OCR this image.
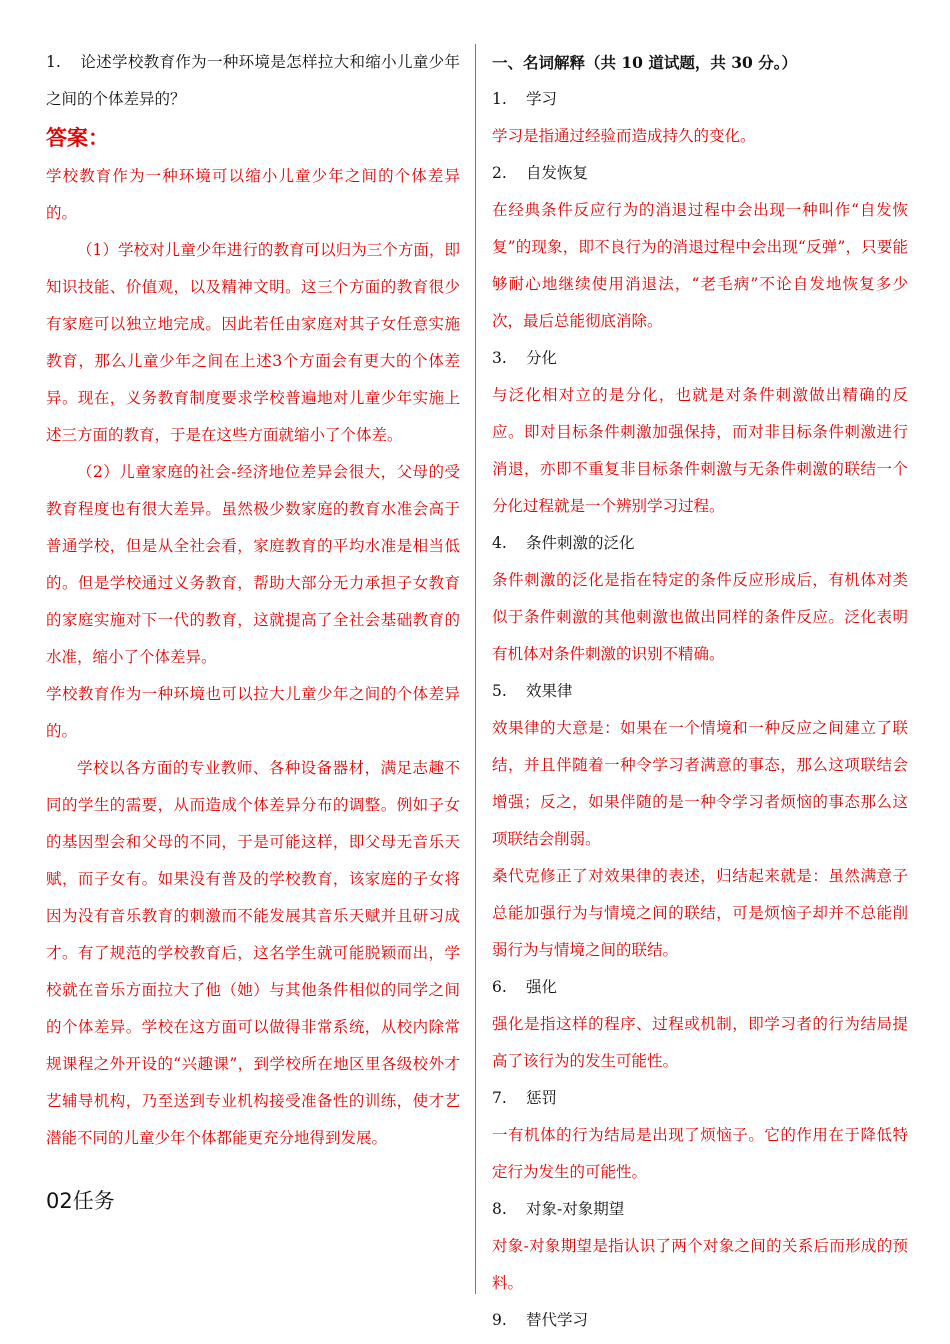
1. 论述学校教育作为一种环境是怎样拉大和缩小儿童少年之间的个体差异的？

答案：

学校教育作为一种环境可以缩小儿童少年之间的个体差异的。

（1）学校对儿童少年进行的教育可以归为三个方面，即知识技能、价值观，以及精神文明。这三个方面的教育很少有家庭可以独立地完成。因此若任由家庭对其子女任意实施教育，那么儿童少年之间在上述3个方面会有更大的个体差异。现在，义务教育制度要求学校普遍地对儿童少年实施上述三方面的教育，于是在这些方面就缩小了个体差。

（2）儿童家庭的社会-经济地位差异会很大，父母的受教育程度也有很大差异。虽然极少数家庭的教育水准会高于普通学校，但是从全社会看，家庭教育的平均水准是相当低的。但是学校通过义务教育，帮助大部分无力承担子女教育的家庭实施对下一代的教育，这就提高了全社会基础教育的水准，缩小了个体差异。

学校教育作为一种环境也可以拉大儿童少年之间的个体差异的。

学校以各方面的专业教师、各种设备器材，满足志趣不同的学生的需要，从而造成个体差异分布的调整。例如子女的基因型会和父母的不同，于是可能这样，即父母无音乐天赋，而子女有。如果没有普及的学校教育，该家庭的子女将因为没有音乐教育的刺激而不能发展其音乐天赋并且研习成才。有了规范的学校教育后，这名学生就可能脱颖而出，学校就在音乐方面拉大了他（她）与其他条件相似的同学之间的个体差异。学校在这方面可以做得非常系统，从校内除常规课程之外开设的“兴趣课”，到学校所在地区里各级校外才艺辅导机构，乃至送到专业机构接受准备性的训练，使才艺潜能不同的儿童少年个体都能更充分地得到发展。

02任务
一、名词解释（共 10 道试题，共 30 分。）

1. 学习

学习是指通过经验而造成持久的变化。

2. 自发恢复

在经典条件反应行为的消退过程中会出现一种叫作“自发恢复”的现象，即不良行为的消退过程中会出现“反弹”，只要能够耐心地继续使用消退法，“老毛病”不论自发地恢复多少次，最后总能彻底消除。

3. 分化

与泛化相对立的是分化，也就是对条件刺激做出精确的反应。即对目标条件刺激加强保持，而对非目标条件刺激进行消退，亦即不重复非目标条件刺激与无条件刺激的联结一个分化过程就是一个辨别学习过程。

4. 条件刺激的泛化

条件刺激的泛化是指在特定的条件反应形成后，有机体对类似于条件刺激的其他刺激也做出同样的条件反应。泛化表明有机体对条件刺激的识别不精确。

5. 效果律

效果律的大意是：如果在一个情境和一种反应之间建立了联结，并且伴随着一种令学习者满意的事态，那么这项联结会增强；反之，如果伴随的是一种令学习者烦恼的事态那么这项联结会削弱。

桑代克修正了对效果律的表述，归结起来就是：虽然满意子总能加强行为与情境之间的联结，可是烦恼子却并不总能削弱行为与情境之间的联结。

6. 强化

强化是指这样的程序、过程或机制，即学习者的行为结局提高了该行为的发生可能性。

7. 惩罚

一有机体的行为结局是出现了烦恼子。它的作用在于降低特定行为发生的可能性。

8. 对象-对象期望

对象-对象期望是指认识了两个对象之间的关系后而形成的预料。

9. 替代学习
